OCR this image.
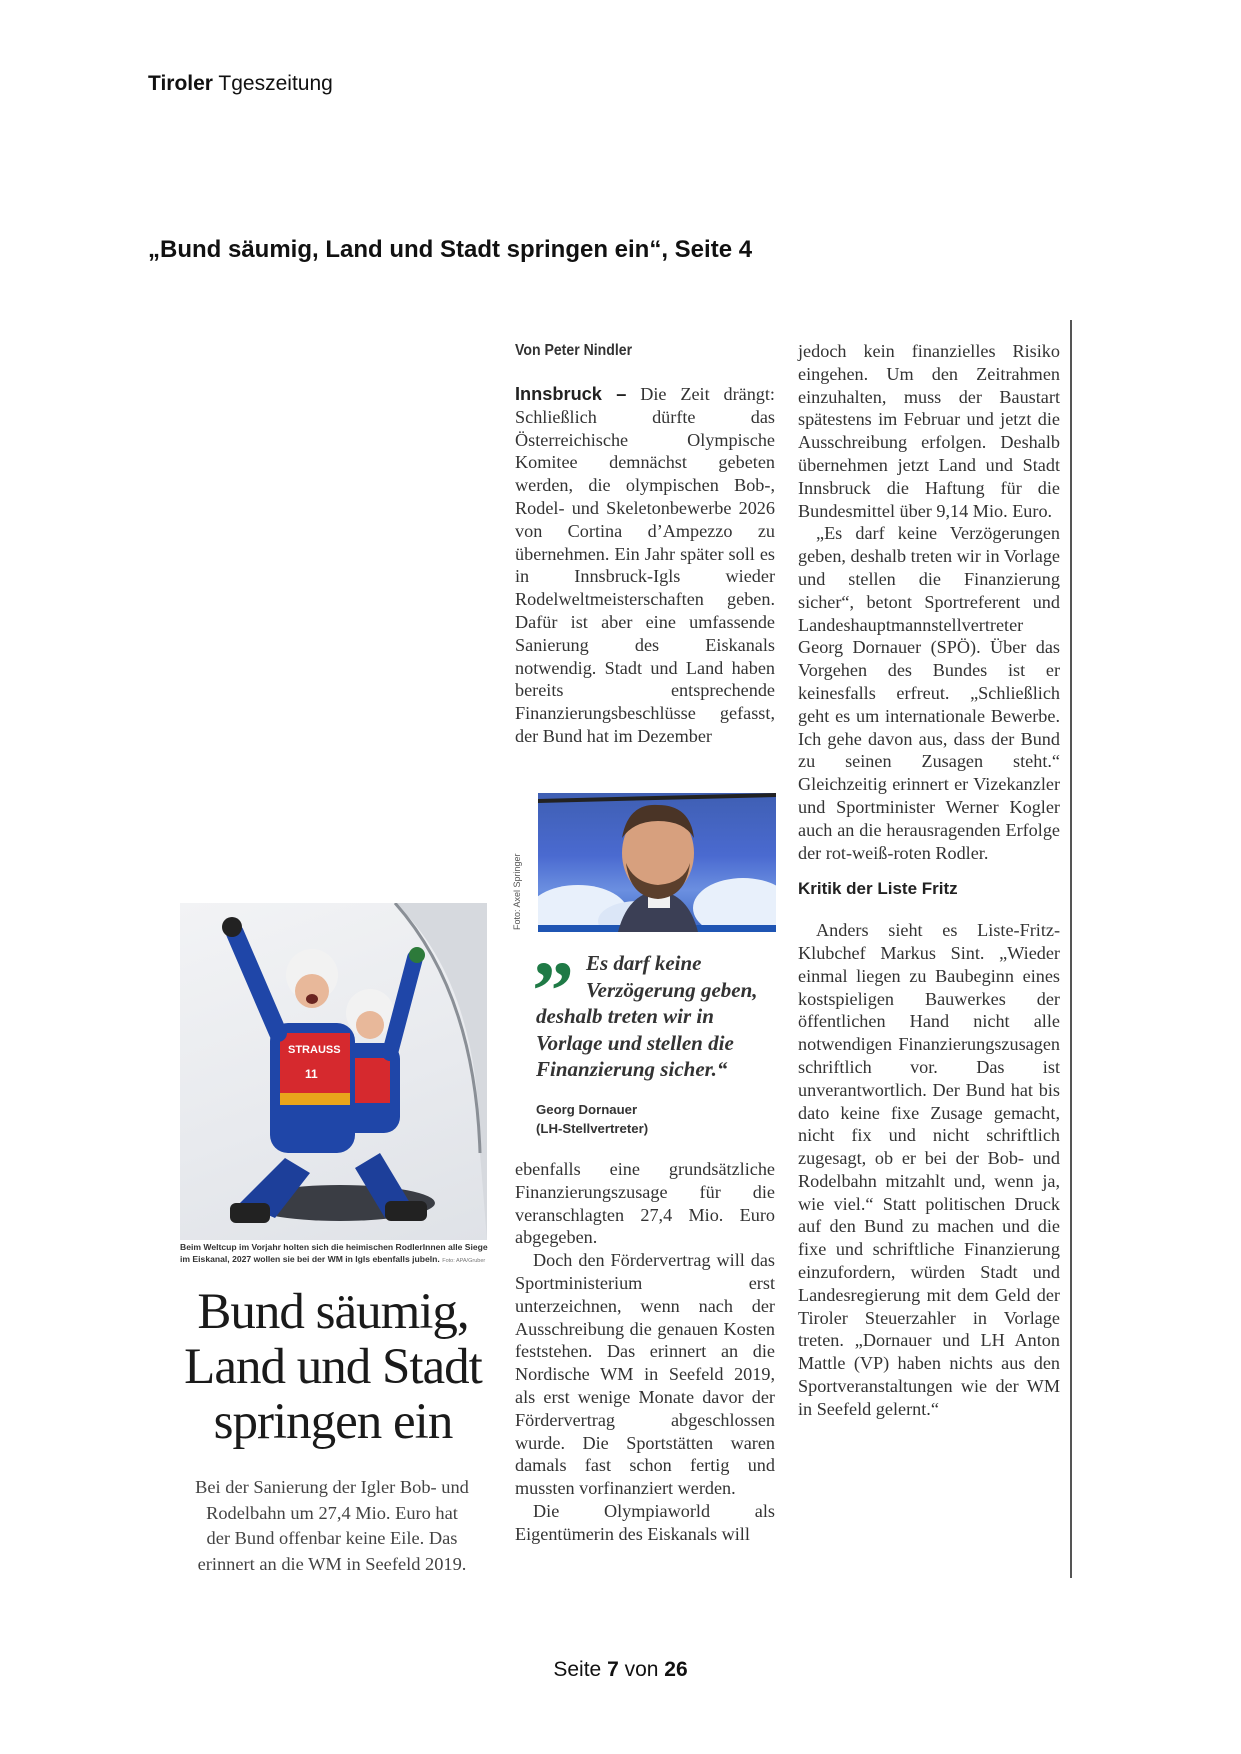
Tiroler Tgeszeitung
„Bund säumig, Land und Stadt springen ein“, Seite 4
STRAUSS
11
Beim Weltcup im Vorjahr holten sich die heimischen RodlerInnen alle Siege im Eiskanal, 2027 wollen sie bei der WM in Igls ebenfalls jubeln. Foto: APA/Gruber
Bund säumig,
Land und Stadt
springen ein
Bei der Sanierung der Igler Bob- und
Rodelbahn um 27,4 Mio. Euro hat
der Bund offenbar keine Eile. Das
erinnert an die WM in Seefeld 2019.
Von Peter Nindler

Innsbruck – Die Zeit drängt: Schließlich dürfte das Österreichische Olympische Komitee demnächst gebeten werden, die olympischen Bob-, Rodel- und Skeletonbewerbe 2026 von Cortina d’Ampezzo zu übernehmen. Ein Jahr später soll es in Innsbruck-Igls wieder Rodelweltmeisterschaften geben. Dafür ist aber eine umfassende Sanierung des Eiskanals notwendig. Stadt und Land haben bereits entsprechende Finanzierungsbeschlüsse gefasst, der Bund hat im Dezember

Foto: Axel Springer
” Es darf keine
Verzögerung geben,
deshalb treten wir in
Vorlage und stellen die
Finanzierung sicher.“
Georg Dornauer
(LH-Stellvertreter)

ebenfalls eine grundsätzliche Finanzierungszusage für die veranschlagten 27,4 Mio. Euro abgegeben.

Doch den Fördervertrag will das Sportministerium erst unterzeichnen, wenn nach der Ausschreibung die genauen Kosten feststehen. Das erinnert an die Nordische WM in Seefeld 2019, als erst wenige Monate davor der Fördervertrag abgeschlossen wurde. Die Sportstätten waren damals fast schon fertig und mussten vorfinanziert werden.

Die Olympiaworld als Eigentümerin des Eiskanals will

jedoch kein finanzielles Risiko eingehen. Um den Zeitrahmen einzuhalten, muss der Baustart spätestens im Februar und jetzt die Ausschreibung erfolgen. Deshalb übernehmen jetzt Land und Stadt Innsbruck die Haftung für die Bundesmittel über 9,14 Mio. Euro.

„Es darf keine Verzögerungen geben, deshalb treten wir in Vorlage und stellen die Finanzierung sicher“, betont Sportreferent und Landeshauptmannstellvertreter Georg Dornauer (SPÖ). Über das Vorgehen des Bundes ist er keinesfalls erfreut. „Schließlich geht es um internationale Bewerbe. Ich gehe davon aus, dass der Bund zu seinen Zusagen steht.“ Gleichzeitig erinnert er Vizekanzler und Sportminister Werner Kogler auch an die herausragenden Erfolge der rot-weiß-roten Rodler.

Kritik der Liste Fritz

Anders sieht es Liste-Fritz-Klubchef Markus Sint. „Wieder einmal liegen zu Baubeginn eines kostspieligen Bauwerkes der öffentlichen Hand nicht alle notwendigen Finanzierungszusagen schriftlich vor. Das ist unverantwortlich. Der Bund hat bis dato keine fixe Zusage gemacht, nicht fix und nicht schriftlich zugesagt, ob er bei der Bob- und Rodelbahn mitzahlt und, wenn ja, wie viel.“ Statt politischen Druck auf den Bund zu machen und die fixe und schriftliche Finanzierung einzufordern, würden Stadt und Landesregierung mit dem Geld der Tiroler Steuerzahler in Vorlage treten. „Dornauer und LH Anton Mattle (VP) haben nichts aus den Sportveranstaltungen wie der WM in Seefeld gelernt.“

Seite 7 von 26
